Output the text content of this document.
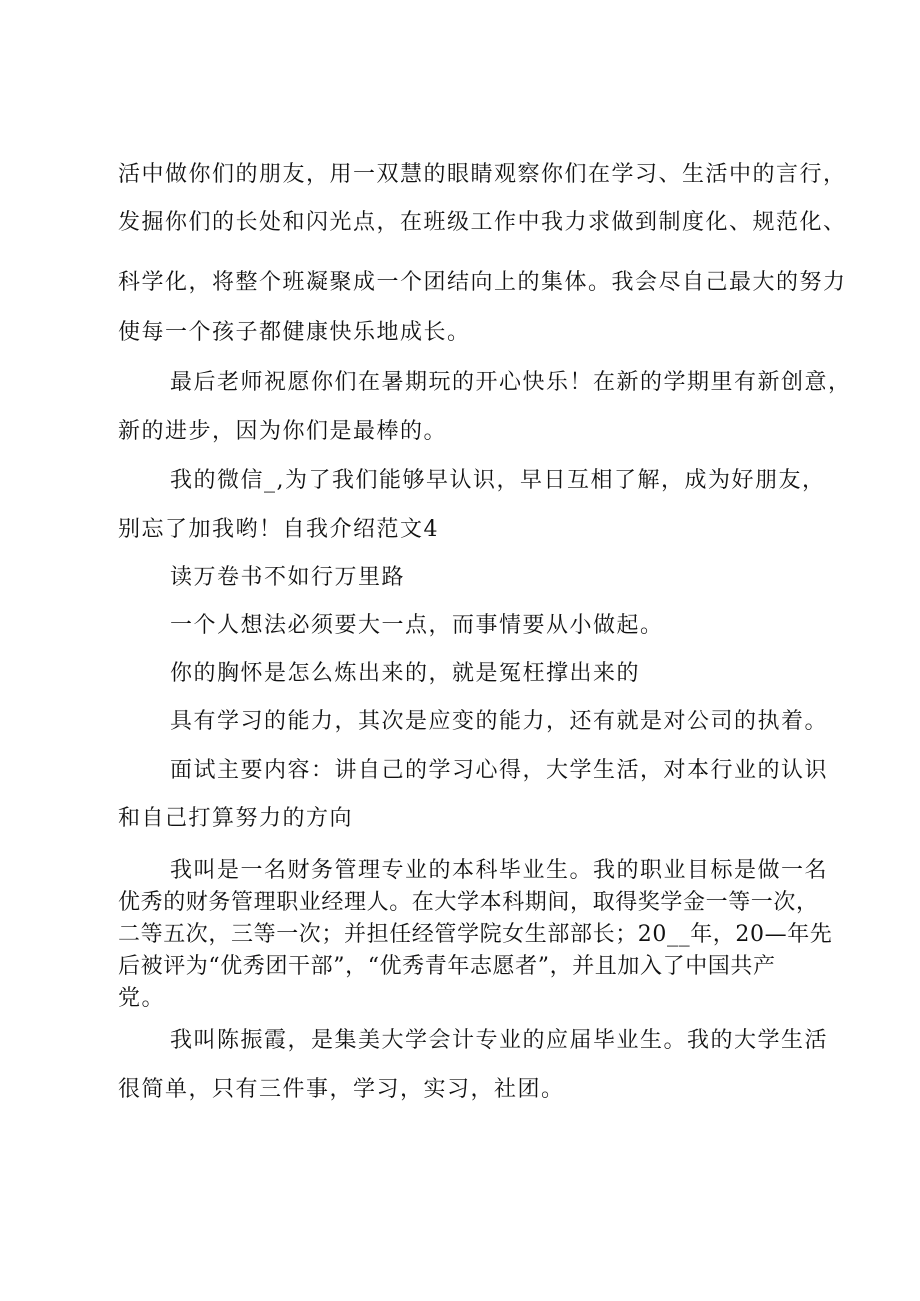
活中做你们的朋友，用一双慧的眼睛观察你们在学习、生活中的言行，
发掘你们的长处和闪光点，在班级工作中我力求做到制度化、规范化、
科学化，将整个班凝聚成一个团结向上的集体。我会尽自己最大的努力
使每一个孩子都健康快乐地成长。
最后老师祝愿你们在暑期玩的开心快乐！在新的学期里有新创意，
新的进步，因为你们是最棒的。
我的微信_,为了我们能够早认识，早日互相了解，成为好朋友，
别忘了加我哟！自我介绍范文4
读万卷书不如行万里路
一个人想法必须要大一点，而事情要从小做起。
你的胸怀是怎么炼出来的，就是冤枉撑出来的
具有学习的能力，其次是应变的能力，还有就是对公司的执着。
面试主要内容：讲自己的学习心得，大学生活，对本行业的认识
和自己打算努力的方向
我叫是一名财务管理专业的本科毕业生。我的职业目标是做一名
优秀的财务管理职业经理人。在大学本科期间，取得奖学金一等一次，
二等五次，三等一次；并担任经管学院女生部部长；20__年，20—年先
后被评为“优秀团干部”，“优秀青年志愿者”，并且加入了中国共产
党。
我叫陈振霞，是集美大学会计专业的应届毕业生。我的大学生活
很简单，只有三件事，学习，实习，社团。
